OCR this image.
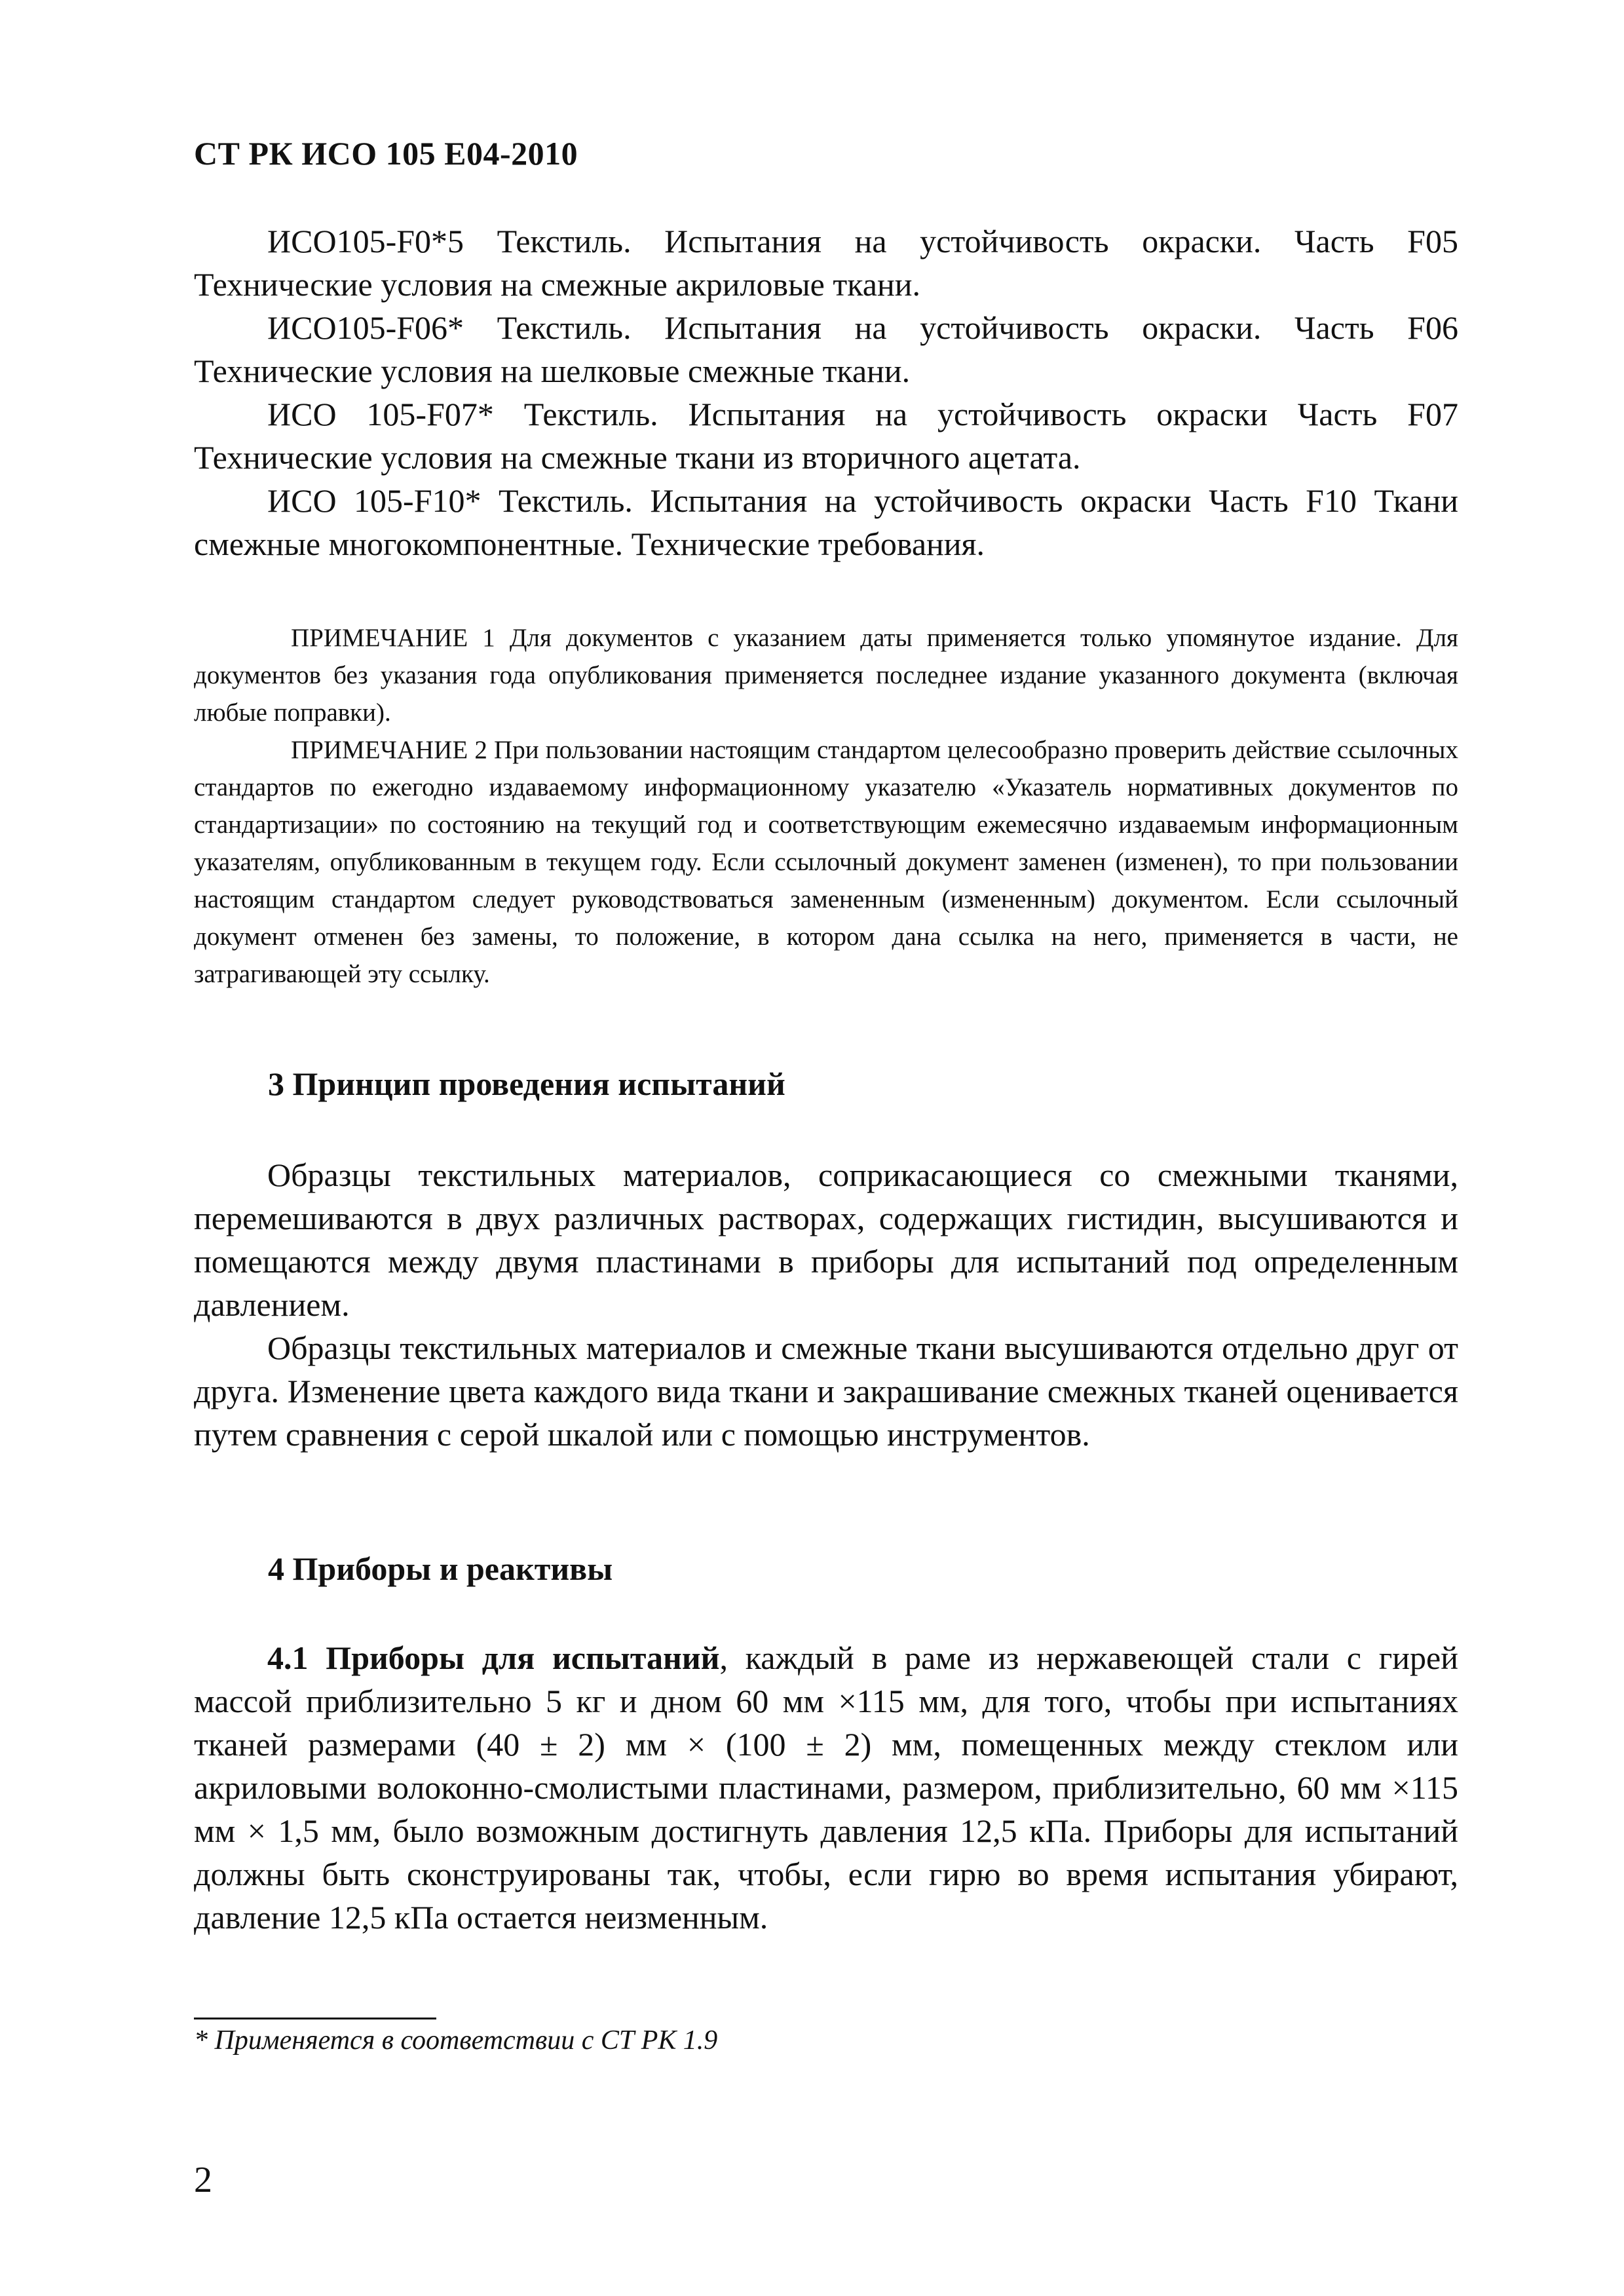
СТ РК ИСО 105 Е04-2010

ИСО105-F0*5 Текстиль. Испытания на устойчивость окраски. Часть F05 Технические условия на смежные акриловые ткани.

ИСО105-F06* Текстиль. Испытания на устойчивость окраски. Часть F06 Технические условия на шелковые смежные ткани.

ИСО 105-F07* Текстиль. Испытания на устойчивость окраски Часть F07 Технические условия на смежные ткани из вторичного ацетата.

ИСО 105-F10* Текстиль. Испытания на устойчивость окраски Часть F10 Ткани смежные многокомпонентные. Технические требования.

ПРИМЕЧАНИЕ 1 Для документов с указанием даты применяется только упомянутое издание. Для документов без указания года опубликования применяется последнее издание указанного документа (включая любые поправки).

ПРИМЕЧАНИЕ 2 При пользовании настоящим стандартом целесообразно проверить действие ссылочных стандартов по ежегодно издаваемому информационному указателю «Указатель нормативных документов по стандартизации» по состоянию на текущий год и соответствующим ежемесячно издаваемым информационным указателям, опубликованным в текущем году. Если ссылочный документ заменен (изменен), то при пользовании настоящим стандартом следует руководствоваться замененным (измененным) документом. Если ссылочный документ отменен без замены, то положение, в котором дана ссылка на него, применяется в части, не затрагивающей эту ссылку.

3 Принцип проведения испытаний

Образцы текстильных материалов, соприкасающиеся со смежными тканями, перемешиваются в двух различных растворах, содержащих гистидин, высушиваются и помещаются между двумя пластинами в приборы для испытаний под определенным давлением.

Образцы текстильных материалов и смежные ткани высушиваются отдельно друг от друга. Изменение цвета каждого вида ткани и закрашивание смежных тканей оценивается путем сравнения с серой шкалой или с помощью инструментов.

4 Приборы и реактивы

4.1 Приборы для испытаний, каждый в раме из нержавеющей стали с гирей массой приблизительно 5 кг и дном 60 мм ×115 мм, для того, чтобы при испытаниях тканей размерами (40 ± 2) мм × (100 ± 2) мм, помещенных между стеклом или акриловыми волоконно-смолистыми пластинами, размером, приблизительно, 60 мм ×115 мм × 1,5 мм, было возможным достигнуть давления 12,5 кПа. Приборы для испытаний должны быть сконструированы так, чтобы, если гирю во время испытания убирают, давление 12,5 кПа остается неизменным.

* Применяется в соответствии с СТ РК 1.9

2
